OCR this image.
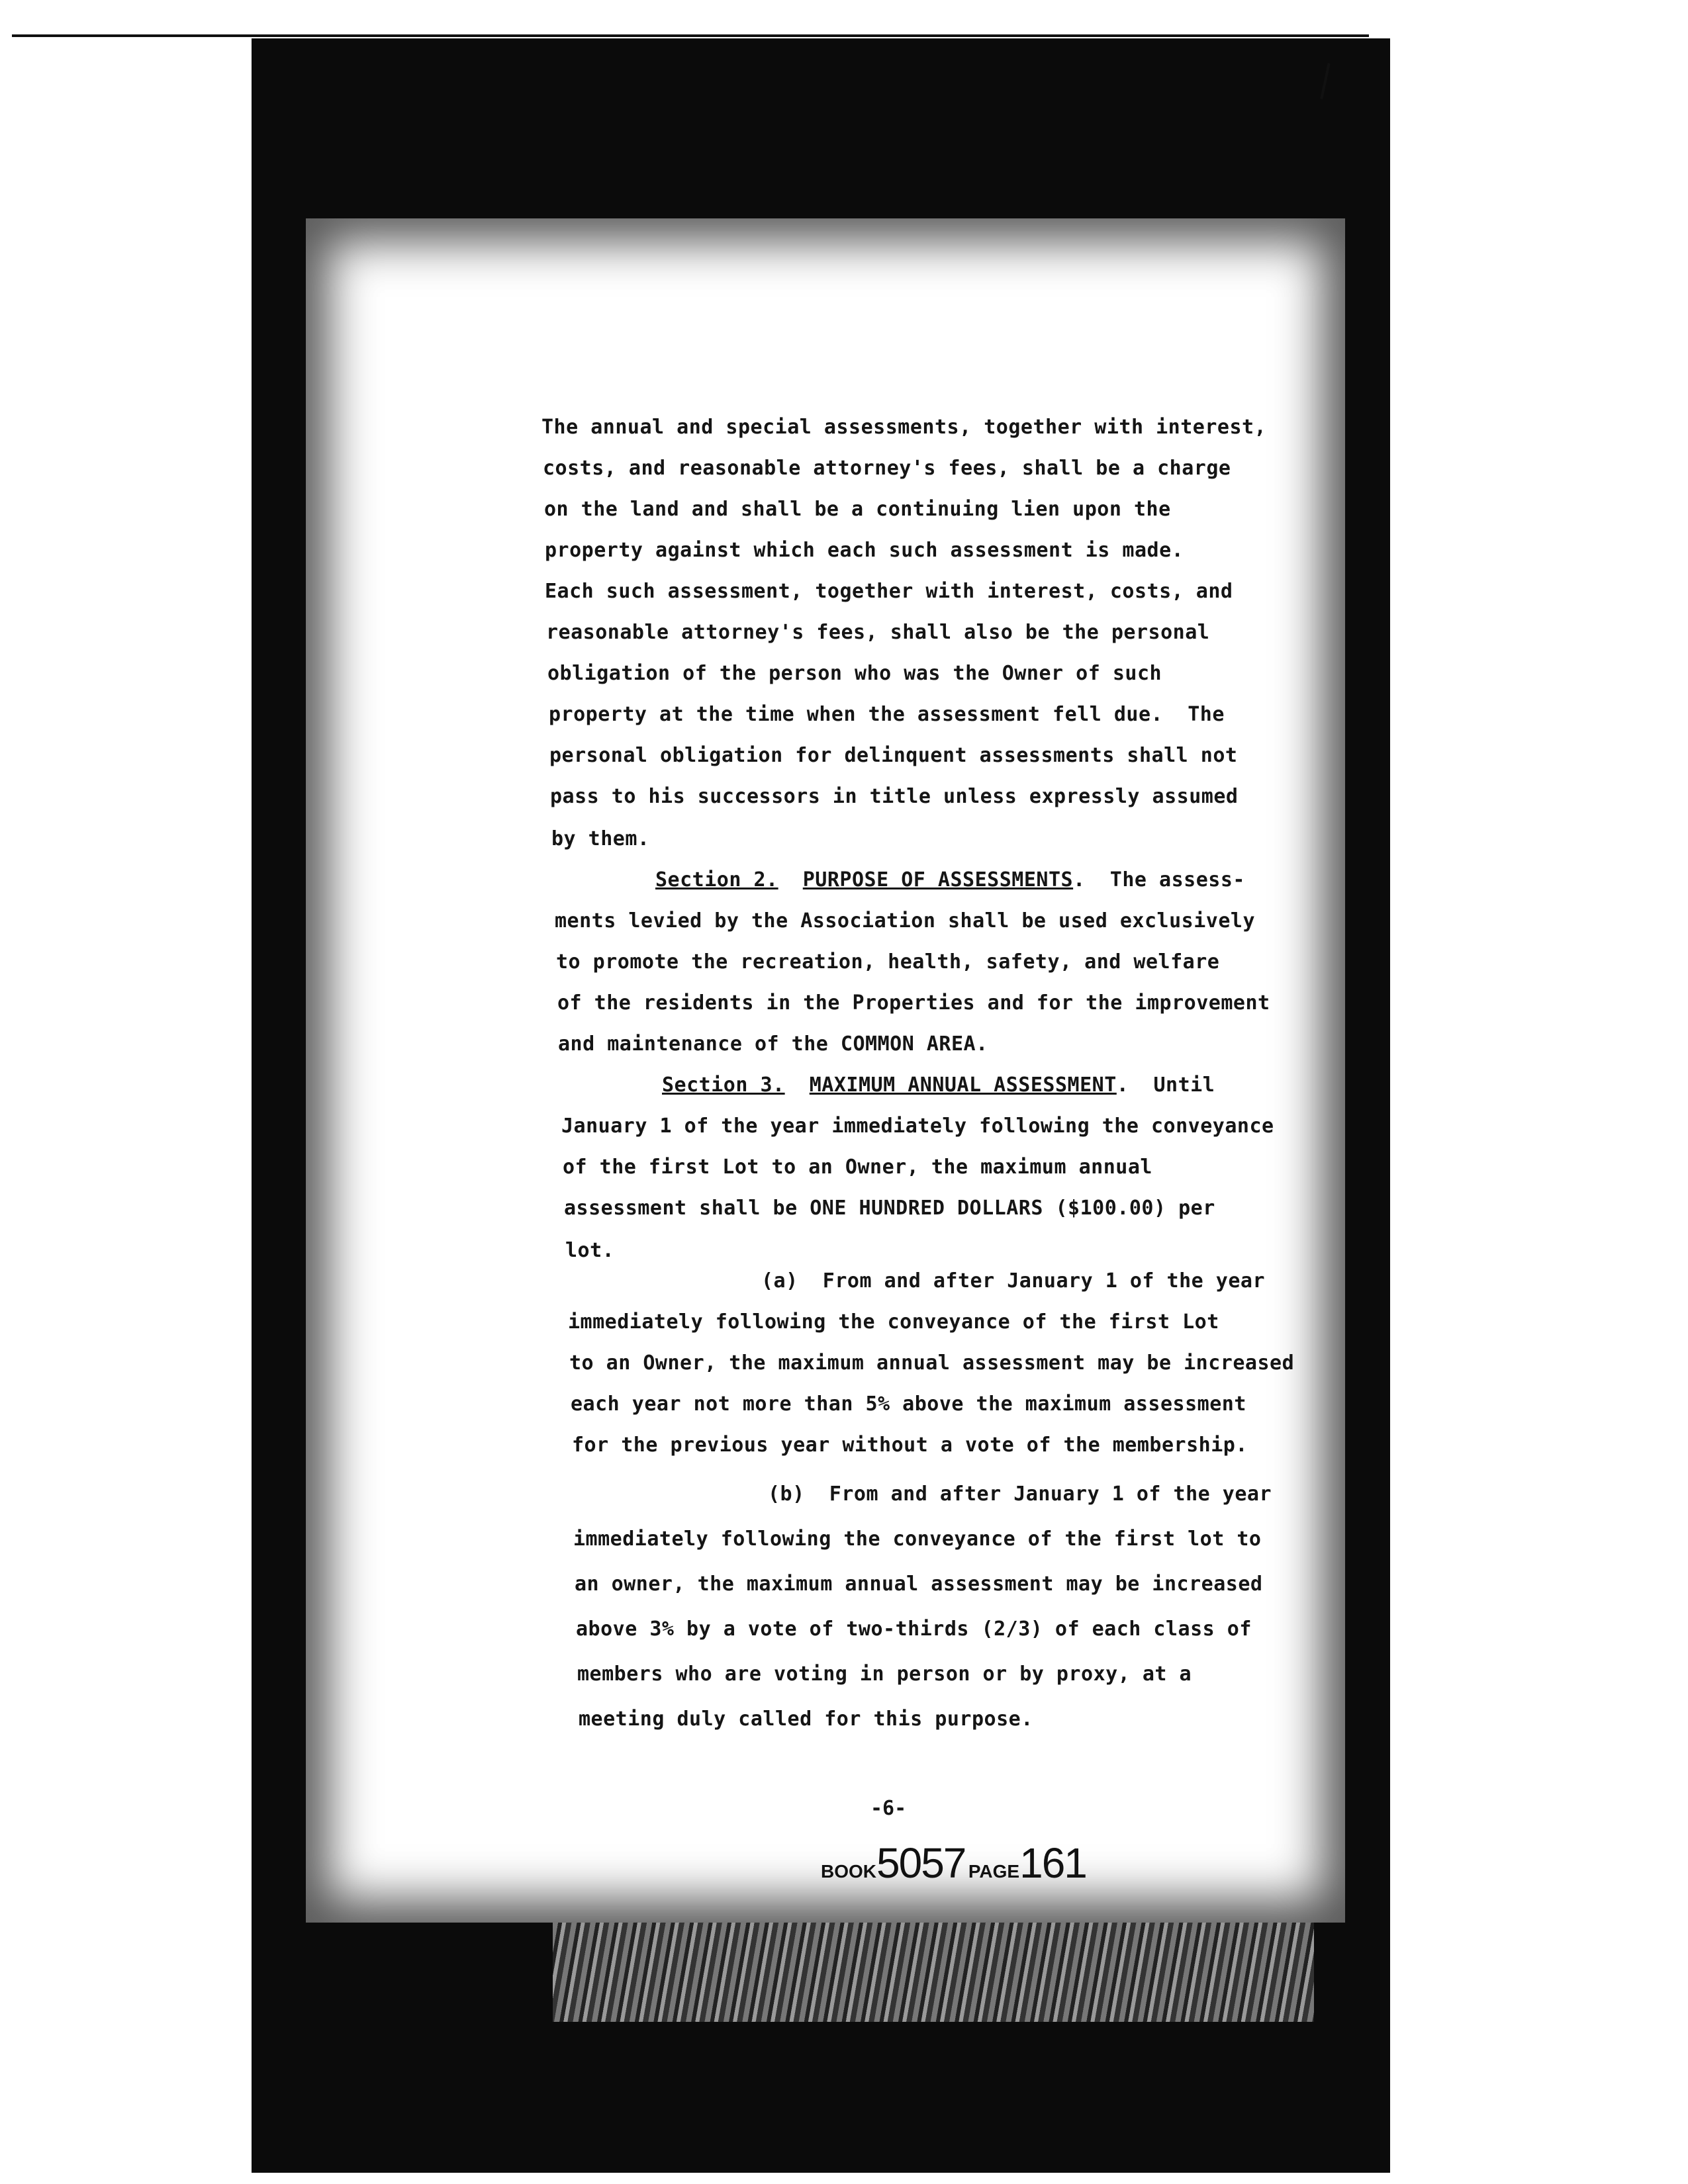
The annual and special assessments, together with interest,
costs, and reasonable attorney's fees, shall be a charge
on the land and shall be a continuing lien upon the
property against which each such assessment is made.
Each such assessment, together with interest, costs, and
reasonable attorney's fees, shall also be the personal
obligation of the person who was the Owner of such
property at the time when the assessment fell due.  The
personal obligation for delinquent assessments shall not
pass to his successors in title unless expressly assumed
by them.
Section 2. PURPOSE OF ASSESSMENTS.  The assess-
ments levied by the Association shall be used exclusively
to promote the recreation, health, safety, and welfare
of the residents in the Properties and for the improvement
and maintenance of the COMMON AREA.
Section 3. MAXIMUM ANNUAL ASSESSMENT.  Until
January 1 of the year immediately following the conveyance
of the first Lot to an Owner, the maximum annual
assessment shall be ONE HUNDRED DOLLARS ($100.00) per
lot.
(a)  From and after January 1 of the year
immediately following the conveyance of the first Lot
to an Owner, the maximum annual assessment may be increased
each year not more than 5% above the maximum assessment
for the previous year without a vote of the membership.
(b)  From and after January 1 of the year
immediately following the conveyance of the first lot to
an owner, the maximum annual assessment may be increased
above 3% by a vote of two-thirds (2/3) of each class of
members who are voting in person or by proxy, at a
meeting duly called for this purpose.
-6-
BOOK5057 PAGE161
